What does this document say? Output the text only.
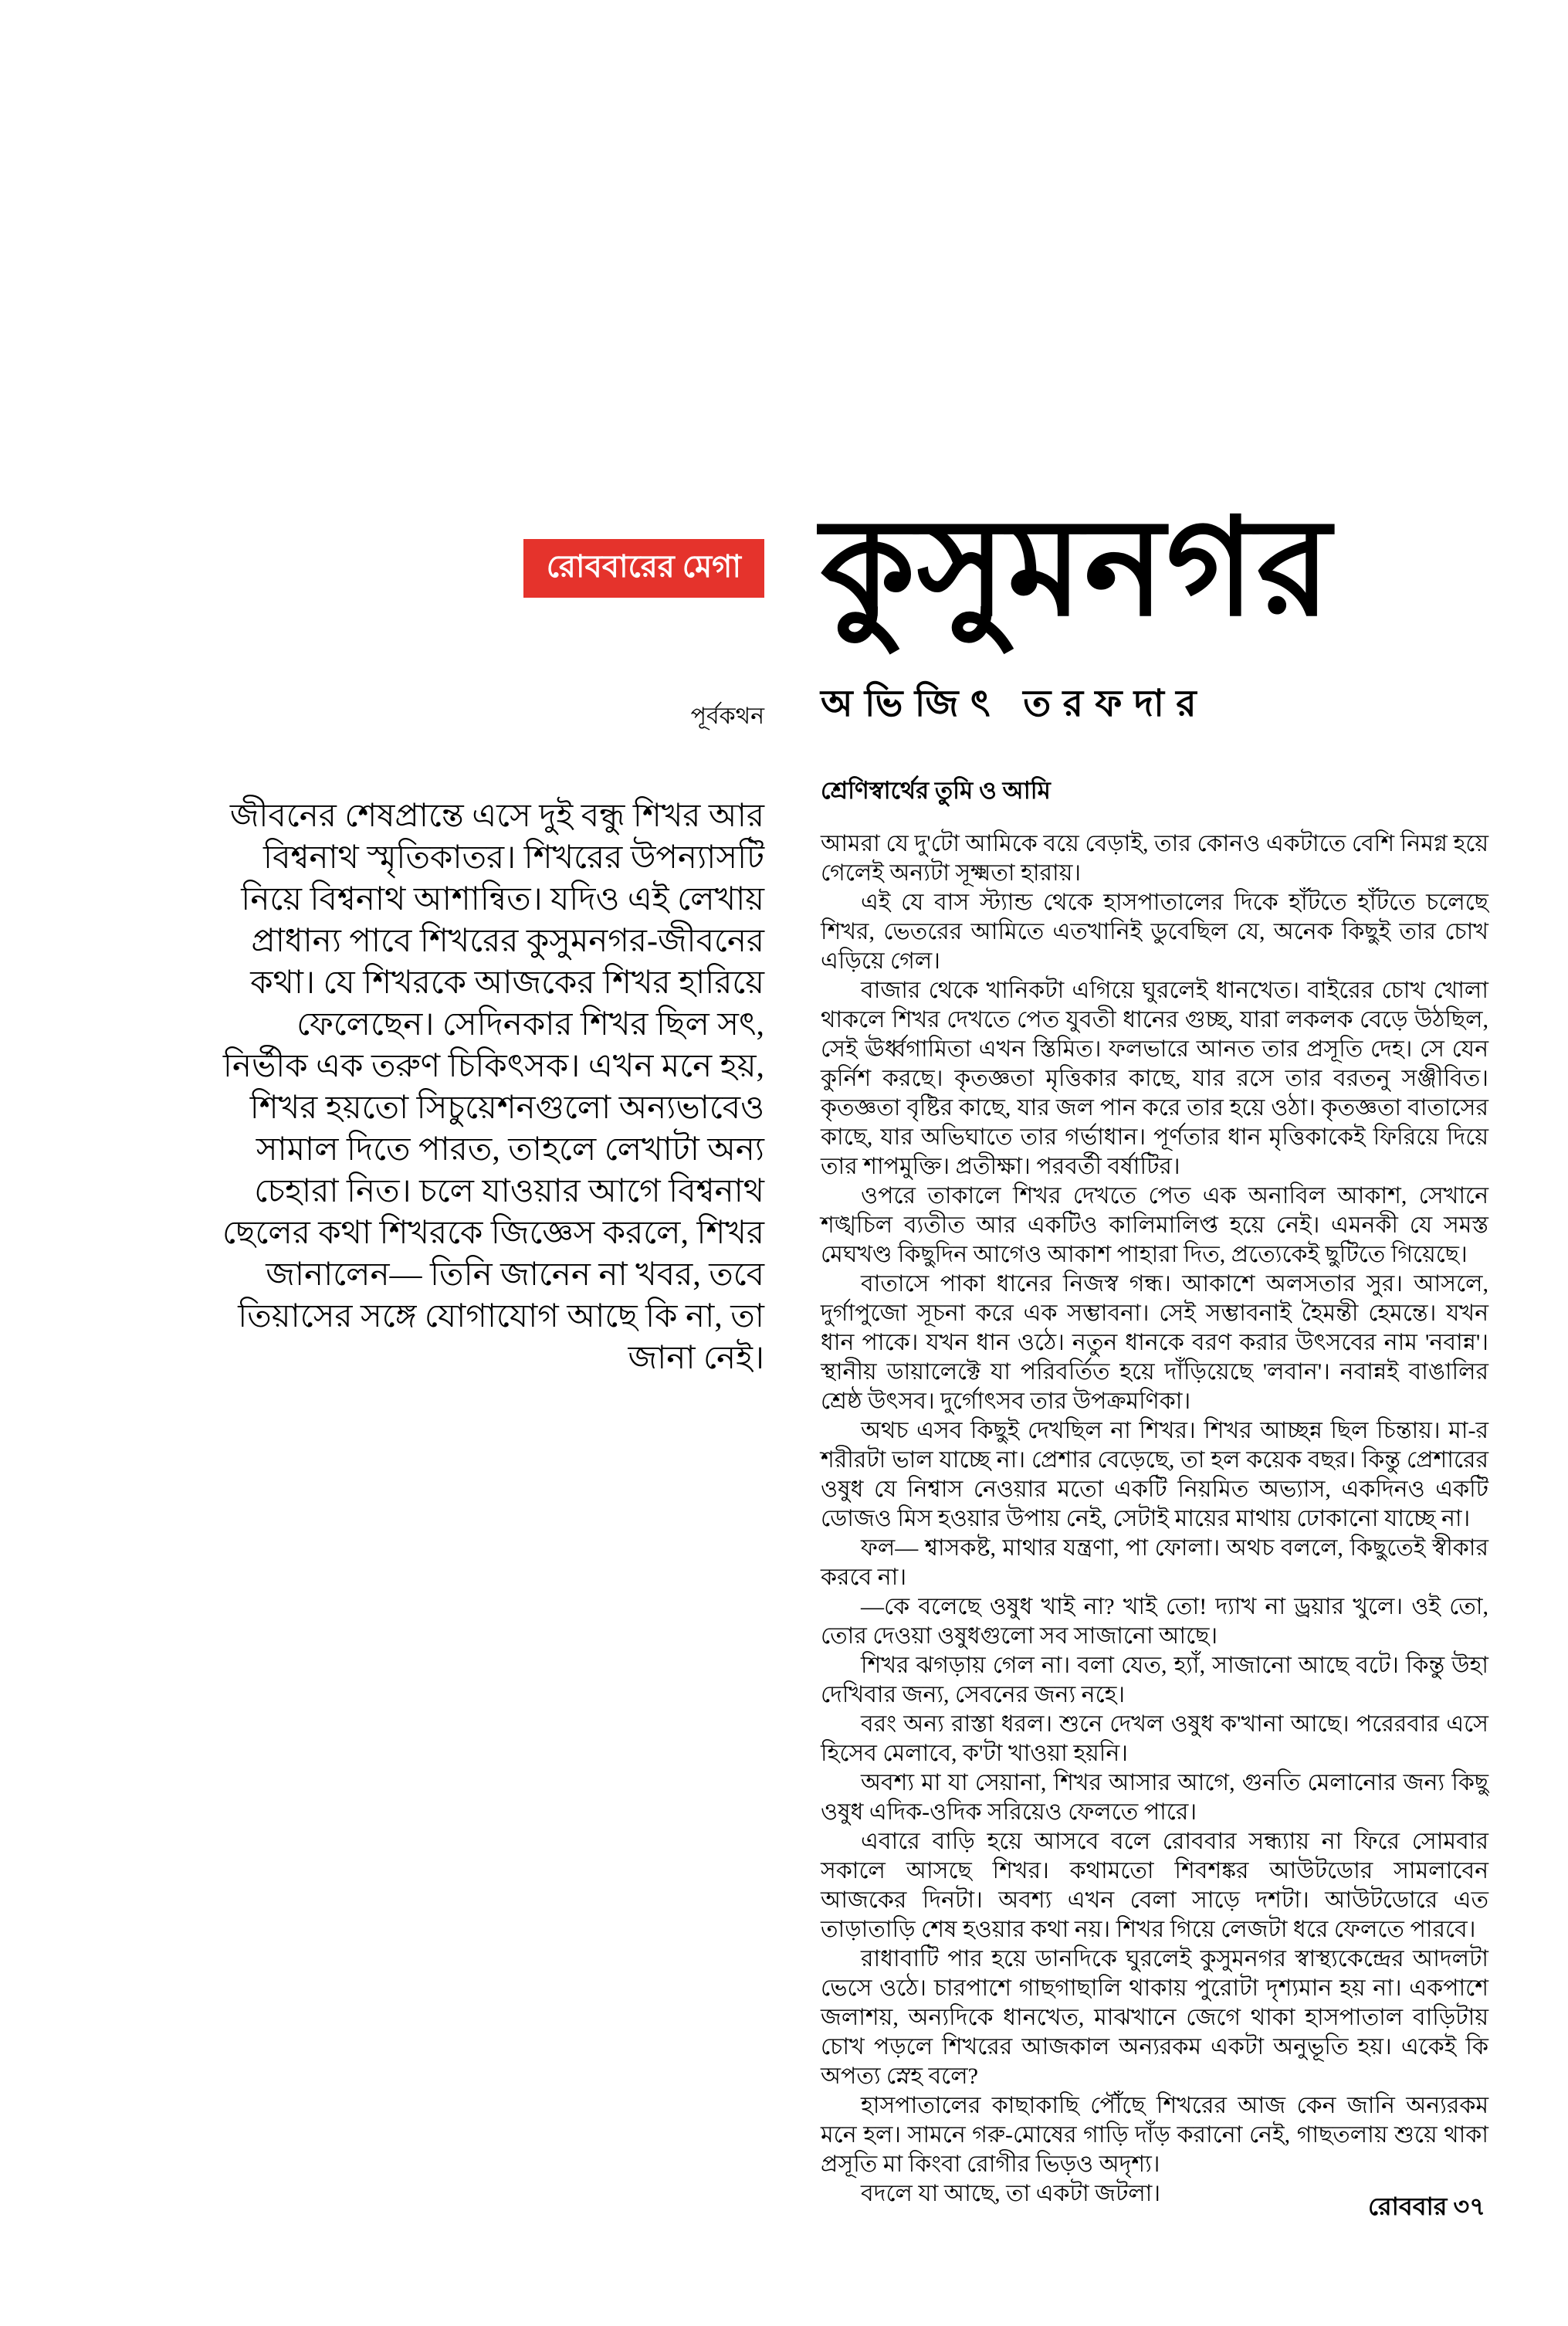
রোববারের মেগা কুসুমনগর
পূর্বকথন অভিজিৎ তরফদার

জীবনের শেষপ্রান্তে এসে দুই বন্ধু শিখর আর বিশ্বনাথ স্মৃতিকাতর। শিখরের উপন্যাসটি নিয়ে বিশ্বনাথ আশান্বিত। যদিও এই লেখায় প্রাধান্য পাবে শিখরের কুসুমনগর-জীবনের কথা। যে শিখরকে আজকের শিখর হারিয়ে ফেলেছেন। সেদিনকার শিখর ছিল সৎ, নির্ভীক এক তরুণ চিকিৎসক। এখন মনে হয়, শিখর হয়তো সিচুয়েশনগুলো অন্যভাবেও সামাল দিতে পারত, তাহলে লেখাটা অন্য চেহারা নিত। চলে যাওয়ার আগে বিশ্বনাথ ছেলের কথা শিখরকে জিজ্ঞেস করলে, শিখর জানালেন— তিনি জানেন না খবর, তবে তিয়াসের সঙ্গে যোগাযোগ আছে কি না, তা জানা নেই।

শ্রেণিস্বার্থের তুমি ও আমি

আমরা যে দু'টো আমিকে বয়ে বেড়াই, তার কোনও একটাতে বেশি নিমগ্ন হয়ে গেলেই অন্যটা সূক্ষ্মতা হারায়।

এই যে বাস স্ট্যান্ড থেকে হাসপাতালের দিকে হাঁটতে হাঁটতে চলেছে শিখর, ভেতরের আমিতে এতখানিই ডুবেছিল যে, অনেক কিছুই তার চোখ এড়িয়ে গেল।

বাজার থেকে খানিকটা এগিয়ে ঘুরলেই ধানখেত। বাইরের চোখ খোলা থাকলে শিখর দেখতে পেত যুবতী ধানের গুচ্ছ, যারা লকলক বেড়ে উঠছিল, সেই ঊর্ধ্বগামিতা এখন স্তিমিত। ফলভারে আনত তার প্রসূতি দেহ। সে যেন কুর্নিশ করছে। কৃতজ্ঞতা মৃত্তিকার কাছে, যার রসে তার বরতনু সঞ্জীবিত। কৃতজ্ঞতা বৃষ্টির কাছে, যার জল পান করে তার হয়ে ওঠা। কৃতজ্ঞতা বাতাসের কাছে, যার অভিঘাতে তার গর্ভাধান। পূর্ণতার ধান মৃত্তিকাকেই ফিরিয়ে দিয়ে তার শাপমুক্তি। প্রতীক্ষা। পরবর্তী বর্ষাটির।

ওপরে তাকালে শিখর দেখতে পেত এক অনাবিল আকাশ, সেখানে শঙ্খচিল ব্যতীত আর একটিও কালিমালিপ্ত হয়ে নেই। এমনকী যে সমস্ত মেঘখণ্ড কিছুদিন আগেও আকাশ পাহারা দিত, প্রত্যেকেই ছুটিতে গিয়েছে।

বাতাসে পাকা ধানের নিজস্ব গন্ধ। আকাশে অলসতার সুর। আসলে, দুর্গাপুজো সূচনা করে এক সম্ভাবনা। সেই সম্ভাবনাই হৈমন্তী হেমন্তে। যখন ধান পাকে। যখন ধান ওঠে। নতুন ধানকে বরণ করার উৎসবের নাম 'নবান্ন'। স্থানীয় ডায়ালেক্টে যা পরিবর্তিত হয়ে দাঁড়িয়েছে 'লবান'। নবান্নই বাঙালির শ্রেষ্ঠ উৎসব। দুর্গোৎসব তার উপক্রমণিকা।

অথচ এসব কিছুই দেখছিল না শিখর। শিখর আচ্ছন্ন ছিল চিন্তায়। মা-র শরীরটা ভাল যাচ্ছে না। প্রেশার বেড়েছে, তা হল কয়েক বছর। কিন্তু প্রেশারের ওষুধ যে নিশ্বাস নেওয়ার মতো একটি নিয়মিত অভ্যাস, একদিনও একটি ডোজও মিস হওয়ার উপায় নেই, সেটাই মায়ের মাথায় ঢোকানো যাচ্ছে না।

ফল— শ্বাসকষ্ট, মাথার যন্ত্রণা, পা ফোলা। অথচ বললে, কিছুতেই স্বীকার করবে না।

—কে বলেছে ওষুধ খাই না? খাই তো! দ্যাখ না ড্রয়ার খুলে। ওই তো, তোর দেওয়া ওষুধগুলো সব সাজানো আছে।

শিখর ঝগড়ায় গেল না। বলা যেত, হ্যাঁ, সাজানো আছে বটে। কিন্তু উহা দেখিবার জন্য, সেবনের জন্য নহে।

বরং অন্য রাস্তা ধরল। শুনে দেখল ওষুধ ক'খানা আছে। পরেরবার এসে হিসেব মেলাবে, ক'টা খাওয়া হয়নি।

অবশ্য মা যা সেয়ানা, শিখর আসার আগে, গুনতি মেলানোর জন্য কিছু ওষুধ এদিক-ওদিক সরিয়েও ফেলতে পারে।

এবারে বাড়ি হয়ে আসবে বলে রোববার সন্ধ্যায় না ফিরে সোমবার সকালে আসছে শিখর। কথামতো শিবশঙ্কর আউটডোর সামলাবেন আজকের দিনটা। অবশ্য এখন বেলা সাড়ে দশটা। আউটডোরে এত তাড়াতাড়ি শেষ হওয়ার কথা নয়। শিখর গিয়ে লেজটা ধরে ফেলতে পারবে।

রাধাবাটি পার হয়ে ডানদিকে ঘুরলেই কুসুমনগর স্বাস্থ্যকেন্দ্রের আদলটা ভেসে ওঠে। চারপাশে গাছগাছালি থাকায় পুরোটা দৃশ্যমান হয় না। একপাশে জলাশয়, অন্যদিকে ধানখেত, মাঝখানে জেগে থাকা হাসপাতাল বাড়িটায় চোখ পড়লে শিখরের আজকাল অন্যরকম একটা অনুভূতি হয়। একেই কি অপত্য স্নেহ বলে?

হাসপাতালের কাছাকাছি পৌঁছে শিখরের আজ কেন জানি অন্যরকম মনে হল। সামনে গরু-মোষের গাড়ি দাঁড় করানো নেই, গাছতলায় শুয়ে থাকা প্রসূতি মা কিংবা রোগীর ভিড়ও অদৃশ্য।

বদলে যা আছে, তা একটা জটলা।	রোববার ৩৭
